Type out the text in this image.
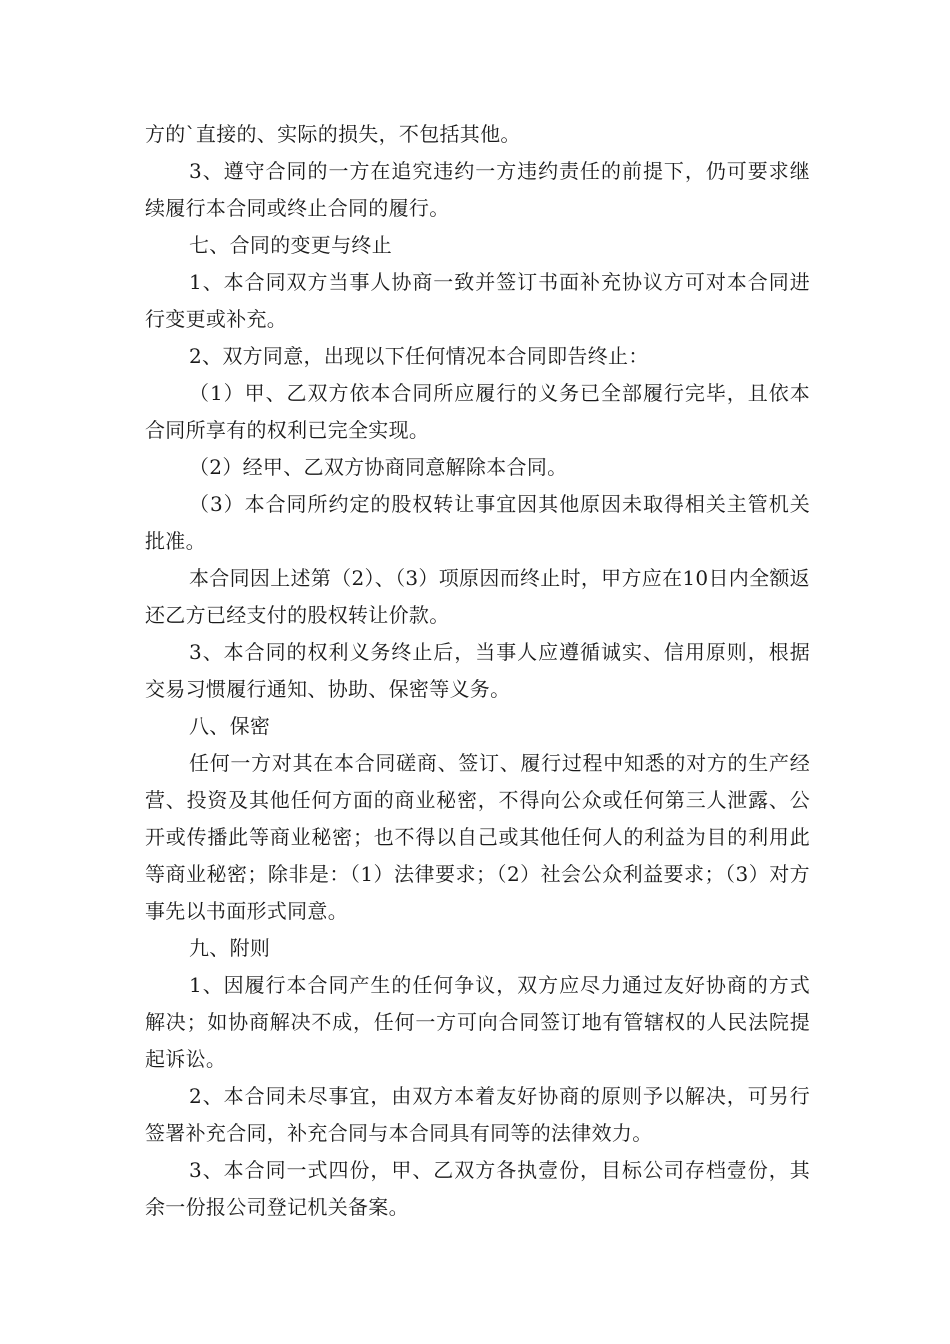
方的`直接的、实际的损失，不包括其他。

3、遵守合同的一方在追究违约一方违约责任的前提下，仍可要求继续履行本合同或终止合同的履行。

七、合同的变更与终止

1、本合同双方当事人协商一致并签订书面补充协议方可对本合同进行变更或补充。

2、双方同意，出现以下任何情况本合同即告终止：

（1）甲、乙双方依本合同所应履行的义务已全部履行完毕，且依本合同所享有的权利已完全实现。

（2）经甲、乙双方协商同意解除本合同。

（3）本合同所约定的股权转让事宜因其他原因未取得相关主管机关批准。

本合同因上述第（2）、（3）项原因而终止时，甲方应在10日内全额返还乙方已经支付的股权转让价款。

3、本合同的权利义务终止后，当事人应遵循诚实、信用原则，根据交易习惯履行通知、协助、保密等义务。

八、保密

任何一方对其在本合同磋商、签订、履行过程中知悉的对方的生产经营、投资及其他任何方面的商业秘密，不得向公众或任何第三人泄露、公开或传播此等商业秘密；也不得以自己或其他任何人的利益为目的利用此等商业秘密；除非是：（1）法律要求；（2）社会公众利益要求；（3）对方事先以书面形式同意。

九、附则

1、因履行本合同产生的任何争议，双方应尽力通过友好协商的方式解决；如协商解决不成，任何一方可向合同签订地有管辖权的人民法院提起诉讼。

2、本合同未尽事宜，由双方本着友好协商的原则予以解决，可另行签署补充合同，补充合同与本合同具有同等的法律效力。

3、本合同一式四份，甲、乙双方各执壹份，目标公司存档壹份，其余一份报公司登记机关备案。
